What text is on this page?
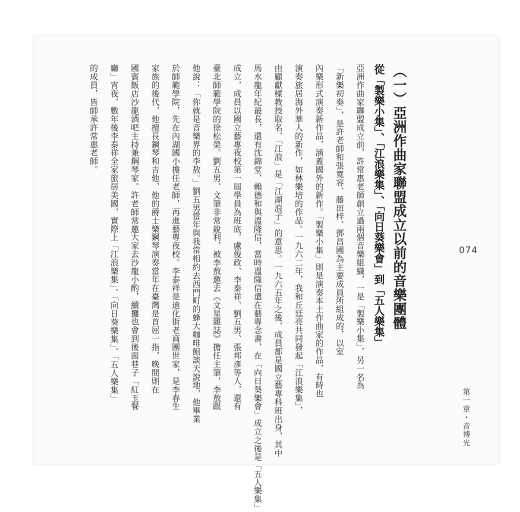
（一）亞洲作曲家聯盟成立以前的音樂團體
從「製樂小集」、「江浪樂集」、「向日葵樂會」到「五人樂集」
亞洲作曲家聯盟成立前，許常惠老師創立過兩個音樂組織，一是「製樂小集」，另一名為
「新樂初奏」，是許老師和張寬容、藤田梓、鄧昌國為主要成員所組成的，以室
內樂形式演奏新作品，涵蓋國外的新作。「製樂小集」則是演奏本土作曲家的作品，有時也
演奏旅居海外華人的新作，如林樂培的作品。一九六二年，我和丘廷亮共同發起「江浪樂集」，
由顧獻樑教授取名，「江浪」是「江湖浪子」的意思。一九六五年之後，成員都是國立藝專科班出身，其中
馬水龍年紀最長，還有沈錦堂、賴德和與溫隆信，當時溫隆信還在藝專念書，在「向日葵樂會」成立之後是「五人樂集」
成立，成員以國立藝專夜校第一屆學員為班底，盧俊政、李泰祥、劉五男、張邦彥等人，還有
臺北師範學院的徐松榮。劉五男、文筆非常銳利，被李敖邀去《文星雜誌》擔任主筆，李敖跟
他說：「你就是音樂界的李敖。」劉五男當年與我常相約去西門町的蜂大咖啡館談天說地，他畢業
於師範學院，先在內湖國小擔任老師，再進藝專夜校。李泰祥是迪化街老商團世家，是李春生
家族的後代，他擅長鋼琴和吉他，他的爵士樂鋼琴演奏當年在臺灣是首屈一指，晚間則在
國賓飯店沙龍酒吧主持兼鋼琴家。許老師常邀大家去沙龍小酌，續攤也會到後面巷子「紅玉餐
廳」宵夜，數年後李泰祥全家旅居美國，實際上「江浪樂集」、「向日葵樂集」、「五人樂集」
的成員，皆師承許常惠老師。
074
第一章・音博光
